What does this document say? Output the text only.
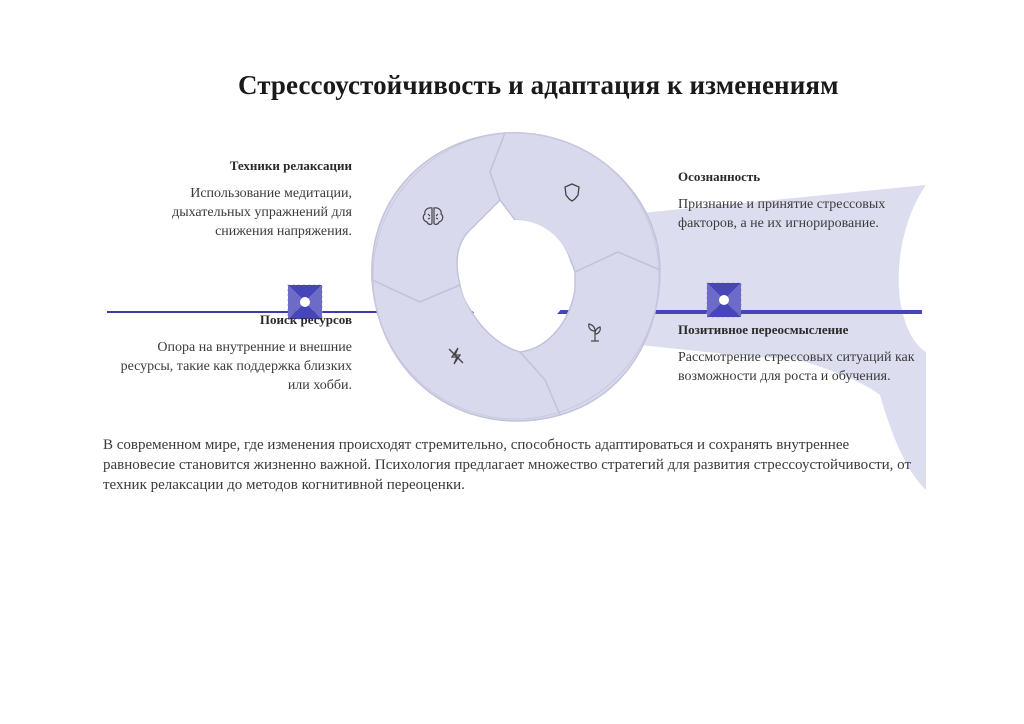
Стрессоустойчивость и адаптация к изменениям
Техники релаксации
Использование медитации, дыхательных упражнений для снижения напряжения.
Осознанность
Признание и принятие стрессовых факторов, а не их игнорирование.
Поиск ресурсов
Опора на внутренние и внешние ресурсы, такие как поддержка близких или хобби.
Позитивное переосмысление
Рассмотрение стрессовых ситуаций как возможности для роста и обучения.
В современном мире, где изменения происходят стремительно, способность адаптироваться и сохранять внутреннее равновесие становится жизненно важной. Психология предлагает множество стратегий для развития стрессоустойчивости, от техник релаксации до методов когнитивной переоценки.
